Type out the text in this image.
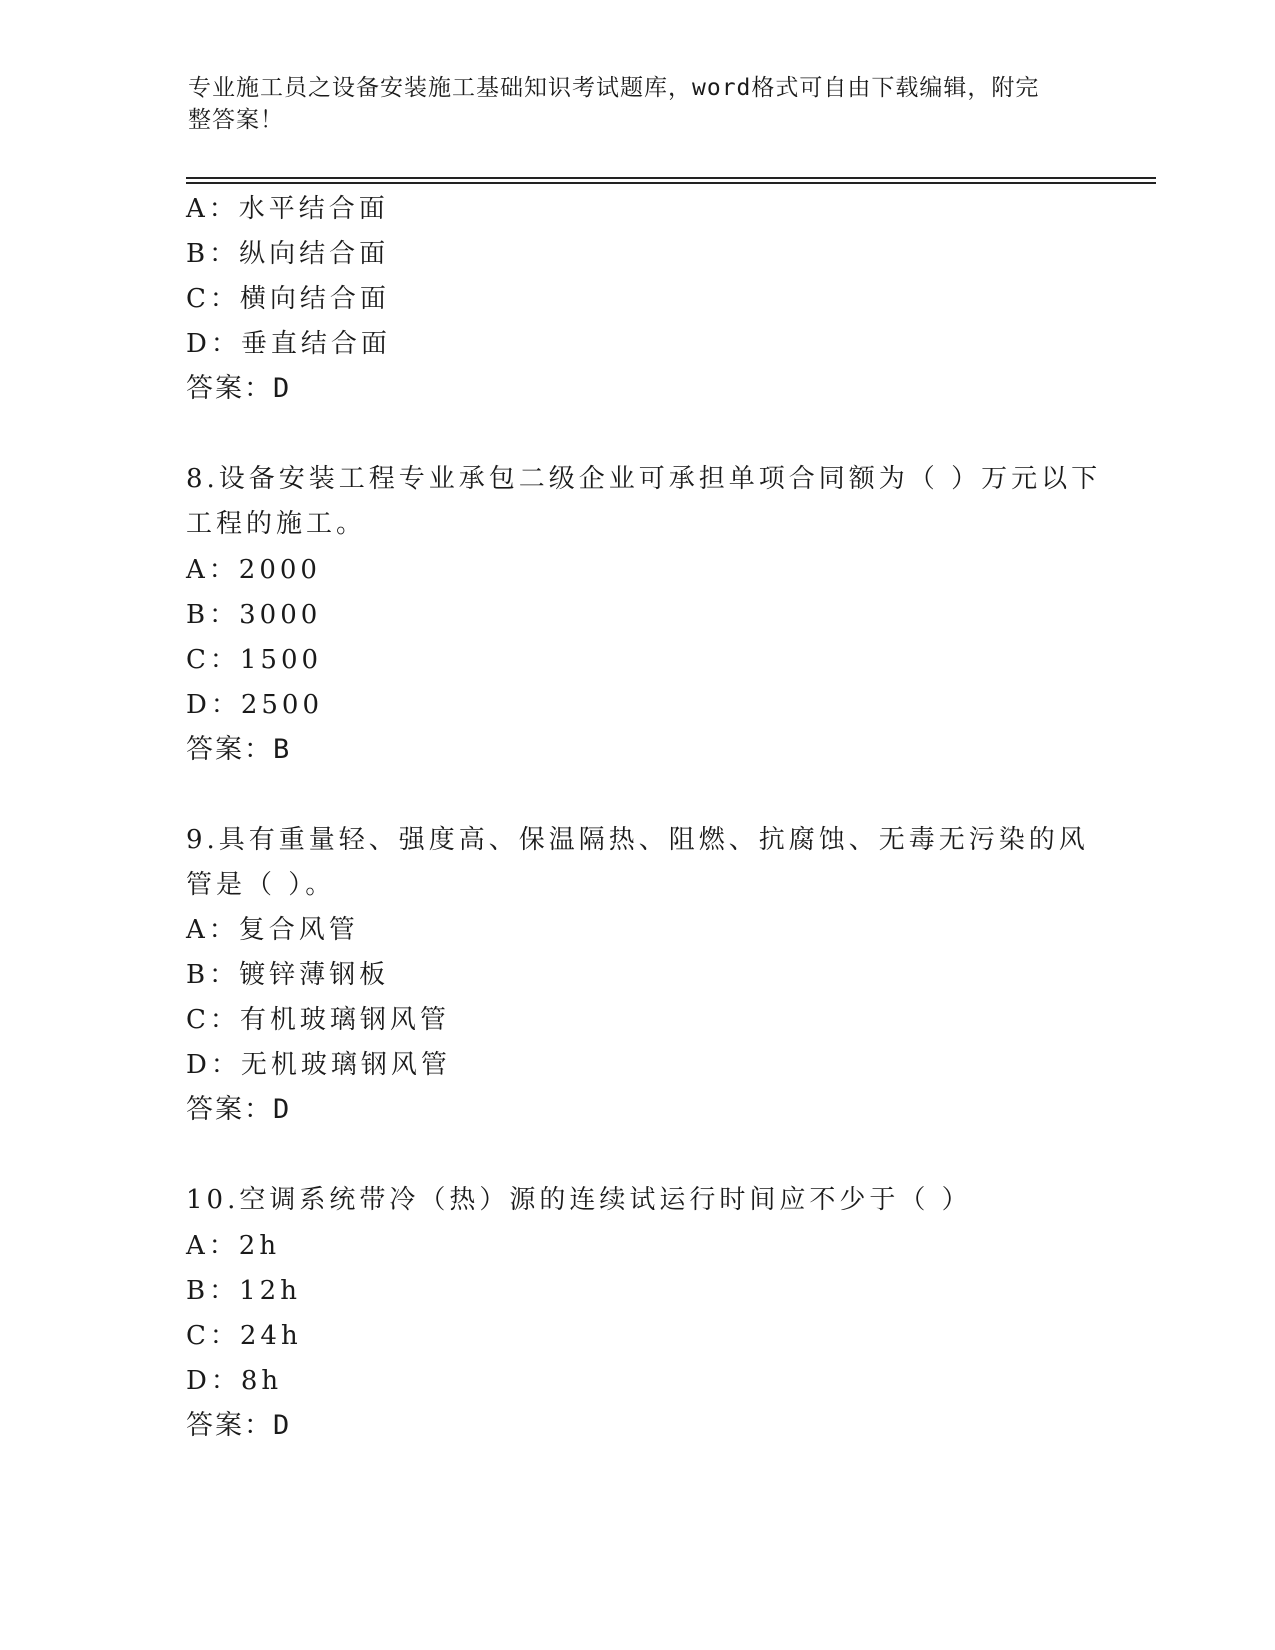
专业施工员之设备安装施工基础知识考试题库，word格式可自由下载编辑，附完
整答案！
A：水平结合面
B：纵向结合面
C：横向结合面
D：垂直结合面
答案：D
8.设备安装工程专业承包二级企业可承担单项合同额为（ ）万元以下
工程的施工。
A：2000
B：3000
C：1500
D：2500
答案：B
9.具有重量轻、强度高、保温隔热、阻燃、抗腐蚀、无毒无污染的风
管是（ ）。
A：复合风管
B：镀锌薄钢板
C：有机玻璃钢风管
D：无机玻璃钢风管
答案：D
10.空调系统带冷（热）源的连续试运行时间应不少于（ ）
A：2h
B：12h
C：24h
D：8h
答案：D
